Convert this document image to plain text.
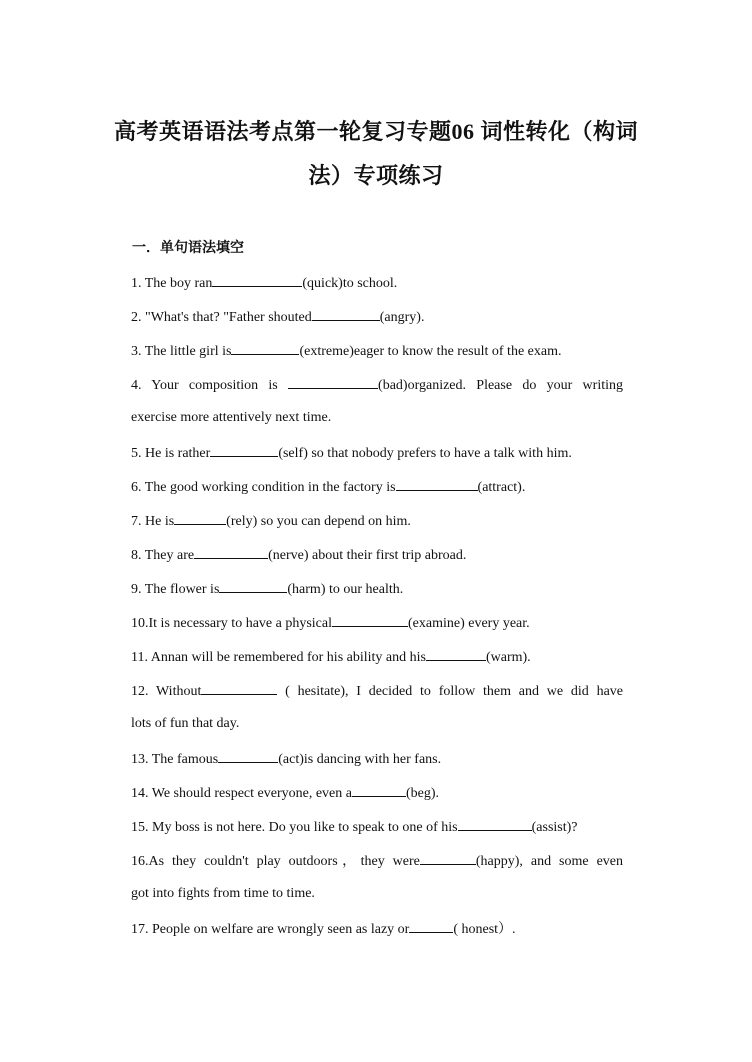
高考英语语法考点第一轮复习专题06 词性转化（构词
法）专项练习
一．单句语法填空
1. The boy ran	(quick)to school.
2. "What's that? "Father shouted	(angry).
3. The little girl is	(extreme)eager to know the result of the exam.
4. Your composition is	(bad)organized. Please do your writing
exercise more attentively next time.
5. He is rather	(self) so that nobody prefers to have a talk with him.
6. The good working condition in the factory is	(attract).
7. He is	(rely) so you can depend on him.
8. They are	(nerve) about their first trip abroad.
9. The flower is	(harm) to our health.
10.It is necessary to have a physical	(examine) every year.
11. Annan will be remembered for his ability and his	(warm).
12. Without	( hesitate), I decided to follow them and we did have
lots of fun that day.
13. The famous	(act)is dancing with her fans.
14. We should respect everyone, even a	(beg).
15. My boss is not here. Do you like to speak to one of his	(assist)?
16.As they couldn't play outdoors，they were	(happy), and some even
got into fights from time to time.
17. People on welfare are wrongly seen as lazy or	( honest）.
